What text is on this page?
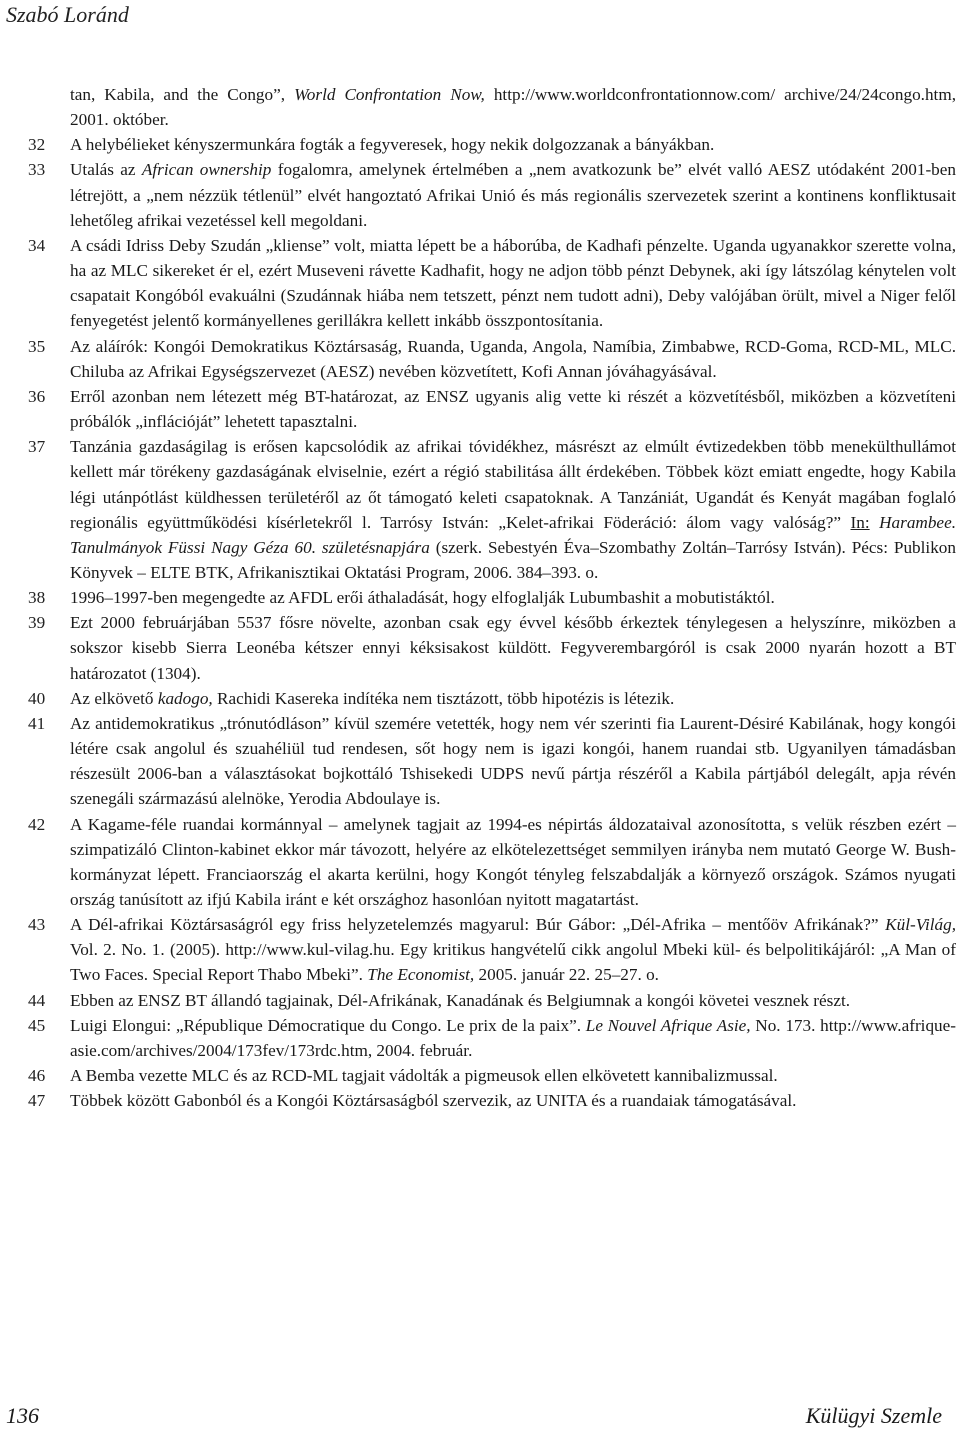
Szabó Loránd
tan, Kabila, and the Congo”, World Confrontation Now, http://www.worldconfrontationnow.com/ archive/24/24congo.htm, 2001. október.
32	A helybélieket kényszermunkára fogták a fegyveresek, hogy nekik dolgozzanak a bányákban.
33	Utalás az African ownership fogalomra, amelynek értelmében a „nem avatkozunk be” elvét valló AESZ utódaként 2001-ben létrejött, a „nem nézzük tétlenül” elvét hangoztató Afrikai Unió és más regionális szervezetek szerint a kontinens konfliktusait lehetőleg afrikai vezetéssel kell megoldani.
34	A csádi Idriss Deby Szudán „kliense” volt, miatta lépett be a háborúba, de Kadhafi pénzelte. Uganda ugyanakkor szerette volna, ha az MLC sikereket ér el, ezért Museveni rávette Kadhafit, hogy ne adjon több pénzt Debynek, aki így látszólag kénytelen volt csapatait Kongóból evakuálni (Szudánnak hiába nem tetszett, pénzt nem tudott adni), Deby valójában örült, mivel a Niger felől fenyegetést jelentő kormányellenes gerillákra kellett inkább összpontosítania.
35	Az aláírók: Kongói Demokratikus Köztársaság, Ruanda, Uganda, Angola, Namíbia, Zimbabwe, RCD-Goma, RCD-ML, MLC. Chiluba az Afrikai Egységszervezet (AESZ) nevében közvetített, Kofi Annan jóváhagyásával.
36	Erről azonban nem létezett még BT-határozat, az ENSZ ugyanis alig vette ki részét a közvetítésből, miközben a közvetíteni próbálók „inflációját” lehetett tapasztalni.
37	Tanzánia gazdaságilag is erősen kapcsolódik az afrikai tóvidékhez, másrészt az elmúlt évtizedekben több menekülthullámot kellett már törékeny gazdaságának elviselnie, ezért a régió stabilitása állt érdekében. Többek közt emiatt engedte, hogy Kabila légi utánpótlást küldhessen területéről az őt támogató keleti csapatoknak. A Tanzániát, Ugandát és Kenyát magában foglaló regionális együttműködési kísérletekről l. Tarrósy István: „Kelet-afrikai Föderáció: álom vagy valóság?” In: Harambee. Tanulmányok Füssi Nagy Géza 60. születésnapjára (szerk. Sebestyén Éva–Szombathy Zoltán–Tarrósy István). Pécs: Publikon Könyvek – ELTE BTK, Afrikanisztikai Oktatási Program, 2006. 384–393. o.
38	1996–1997-ben megengedte az AFDL erői áthaladását, hogy elfoglalják Lubumbashit a mobutistáktól.
39	Ezt 2000 februárjában 5537 fősre növelte, azonban csak egy évvel később érkeztek ténylegesen a helyszínre, miközben a sokszor kisebb Sierra Leonéba kétszer ennyi kéksisakost küldött. Fegyverembargóról is csak 2000 nyarán hozott a BT határozatot (1304).
40	Az elkövető kadogo, Rachidi Kasereka indítéka nem tisztázott, több hipotézis is létezik.
41	Az antidemokratikus „trónutódláson” kívül szemére vetették, hogy nem vér szerinti fia Laurent-Désiré Kabilának, hogy kongói létére csak angolul és szuahéliül tud rendesen, sőt hogy nem is igazi kongói, hanem ruandai stb. Ugyanilyen támadásban részesült 2006-ban a választásokat bojkottáló Tshisekedi UDPS nevű pártja részéről a Kabila pártjából delegált, apja révén szenegáli származású alelnöke, Yerodia Abdoulaye is.
42	A Kagame-féle ruandai kormánnyal – amelynek tagjait az 1994-es népirtás áldozataival azonosította, s velük részben ezért – szimpatizáló Clinton-kabinet ekkor már távozott, helyére az elkötelezettséget semmilyen irányba nem mutató George W. Bush-kormányzat lépett. Franciaország el akarta kerülni, hogy Kongót tényleg felszabdalják a környező országok. Számos nyugati ország tanúsított az ifjú Kabila iránt e két országhoz hasonlóan nyitott magatartást.
43	A Dél-afrikai Köztársaságról egy friss helyzetelemzés magyarul: Búr Gábor: „Dél-Afrika – mentőöv Afrikának?” Kül-Világ, Vol. 2. No. 1. (2005). http://www.kul-vilag.hu. Egy kritikus hangvételű cikk angolul Mbeki kül- és belpolitikájáról: „A Man of Two Faces. Special Report Thabo Mbeki”. The Economist, 2005. január 22. 25–27. o.
44	Ebben az ENSZ BT állandó tagjainak, Dél-Afrikának, Kanadának és Belgiumnak a kongói követei vesznek részt.
45	Luigi Elongui: „République Démocratique du Congo. Le prix de la paix”. Le Nouvel Afrique Asie, No. 173. http://www.afrique-asie.com/archives/2004/173fev/173rdc.htm, 2004. február.
46	A Bemba vezette MLC és az RCD-ML tagjait vádolták a pigmeusok ellen elkövetett kannibalizmussal.
47	Többek között Gabonból és a Kongói Köztársaságból szervezik, az UNITA és a ruandaiak támogatásával.
136	Külügyi Szemle
